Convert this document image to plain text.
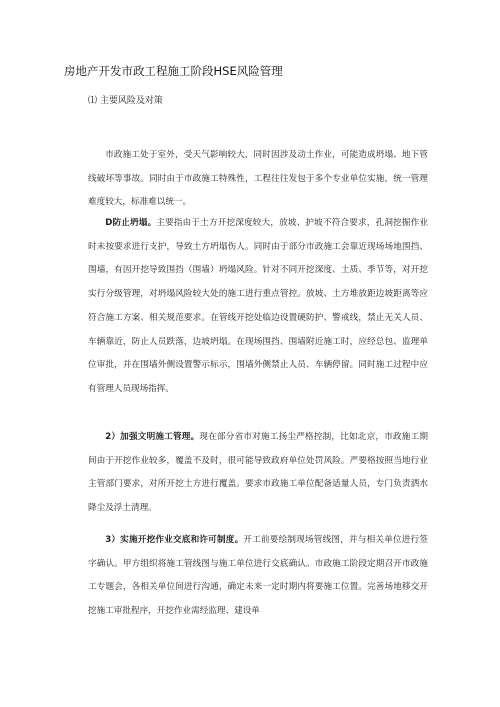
房地产开发市政工程施工阶段HSE风险管理
⑴ 主要风险及对策

市政施工处于室外，受天气影响较大，同时因涉及动土作业，可能造成坍塌、地下管线破坏等事故。同时由于市政施工特殊性，工程往往发包于多个专业单位实施，统一管理难度较大，标准难以统一。

D防止坍塌。主要指由于土方开挖深度较大，放坡、护坡不符合要求，孔洞挖掘作业时未按要求进行支护，导致土方坍塌伤人。同时由于部分市政施工会靠近现场场地围挡、围墙，有因开挖导致围挡（围墙）坍塌风险。针对不同开挖深度、土质、季节等，对开挖实行分级管理，对坍塌风险较大处的施工进行重点管控。放坡、土方堆放距边坡距离等应符合施工方案、相关规范要求。在管线开挖处临边设置硬防护、警戒线，禁止无关人员、车辆靠近，防止人员跌落，边坡坍塌。在现场围挡、围墙附近施工时，应经总包、监理单位审批，并在围墙外侧设置警示标示，围墙外侧禁止人员、车辆停留。同时施工过程中应有管理人员现场指挥。

2）加强文明施工管理。现在部分省市对施工扬尘严格控制，比如北京，市政施工期间由于开挖作业较多，覆盖不及时，很可能导致政府单位处罚风险。严要格按照当地行业主管部门要求，对所开挖土方进行覆盖。要求市政施工单位配备适量人员，专门负责洒水降尘及浮土清理。

3）实施开挖作业交底和许可制度。开工前要绘制现场管线图，并与相关单位进行签字确认。甲方组织将施工管线图与施工单位进行交底确认。市政施工阶段定期召开市政施工专题会，各相关单位间进行沟通，确定未来一定时期内将要施工位置。完善场地移交开挖施工审批程序，开挖作业需经监理、建设单
